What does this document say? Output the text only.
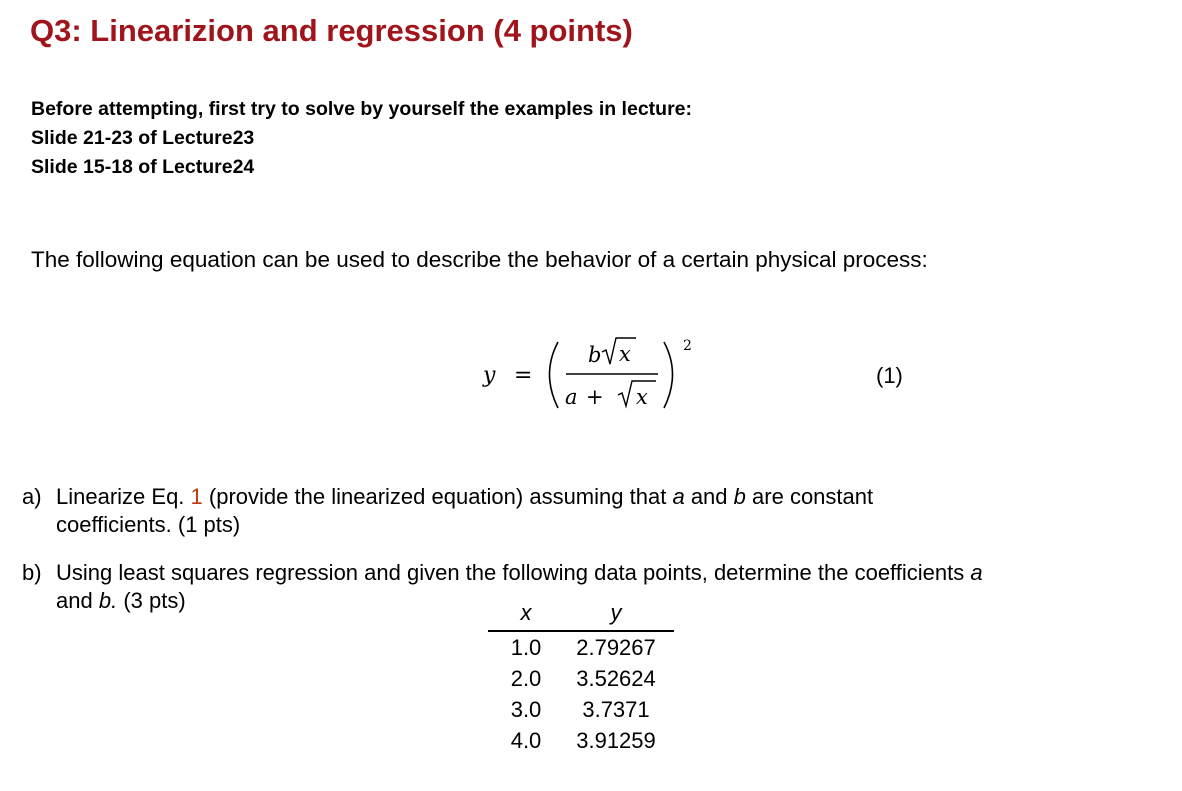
Q3: Linearizion and regression (4 points)
Before attempting, first try to solve by yourself the examples in lecture:
Slide 21-23 of Lecture23
Slide 15-18 of Lecture24
The following equation can be used to describe the behavior of a certain physical process:
y =
b x
a + x
2
(1)
a) Linearize Eq. 1 (provide the linearized equation) assuming that a and b are constant
coefficients. (1 pts)
b) Using least squares regression and given the following data points, determine the coefficients a
and b. (3 pts)	x	y
1.0	2.79267
2.0	3.52624
3.0	3.7371
4.0	3.91259
